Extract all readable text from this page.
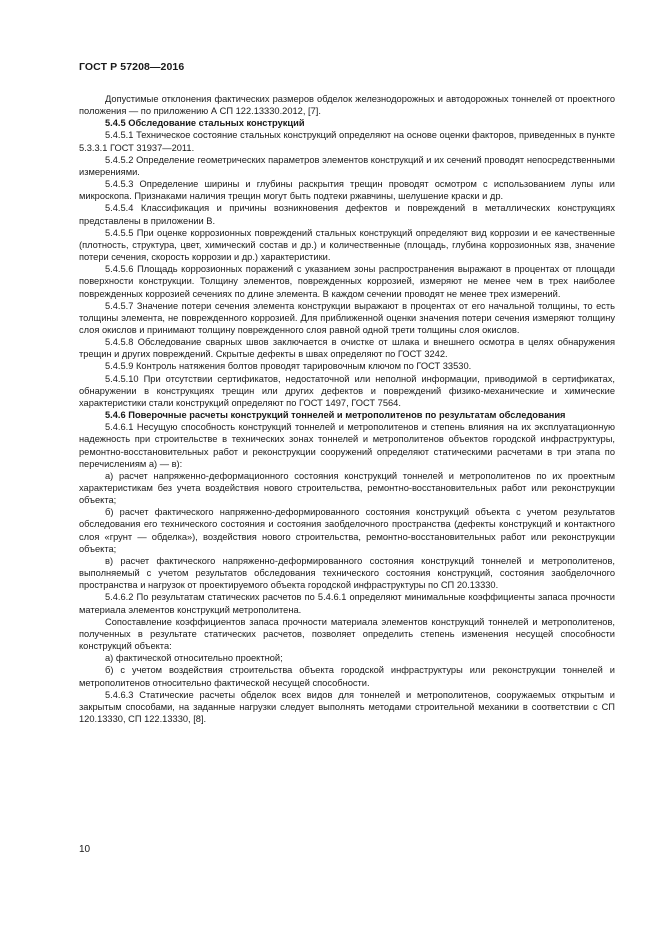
ГОСТ Р 57208—2016

Допустимые отклонения фактических размеров обделок железнодорожных и автодорожных тоннелей от проектного положения — по приложению А СП 122.13330.2012, [7].

5.4.5 Обследование стальных конструкций

5.4.5.1 Техническое состояние стальных конструкций определяют на основе оценки факторов, приведенных в пункте 5.3.3.1 ГОСТ 31937—2011.

5.4.5.2 Определение геометрических параметров элементов конструкций и их сечений проводят непосредственными измерениями.

5.4.5.3 Определение ширины и глубины раскрытия трещин проводят осмотром с использованием лупы или микроскопа. Признаками наличия трещин могут быть подтеки ржавчины, шелушение краски и др.

5.4.5.4 Классификация и причины возникновения дефектов и повреждений в металлических конструкциях представлены в приложении В.

5.4.5.5 При оценке коррозионных повреждений стальных конструкций определяют вид коррозии и ее качественные (плотность, структура, цвет, химический состав и др.) и количественные (площадь, глубина коррозионных язв, значение потери сечения, скорость коррозии и др.) характеристики.

5.4.5.6 Площадь коррозионных поражений с указанием зоны распространения выражают в процентах от площади поверхности конструкции. Толщину элементов, поврежденных коррозией, измеряют не менее чем в трех наиболее поврежденных коррозией сечениях по длине элемента. В каждом сечении проводят не менее трех измерений.

5.4.5.7 Значение потери сечения элемента конструкции выражают в процентах от его начальной толщины, то есть толщины элемента, не поврежденного коррозией. Для приближенной оценки значения потери сечения измеряют толщину слоя окислов и принимают толщину поврежденного слоя равной одной трети толщины слоя окислов.

5.4.5.8 Обследование сварных швов заключается в очистке от шлака и внешнего осмотра в целях обнаружения трещин и других повреждений. Скрытые дефекты в швах определяют по ГОСТ 3242.

5.4.5.9 Контроль натяжения болтов проводят тарировочным ключом по ГОСТ 33530.

5.4.5.10 При отсутствии сертификатов, недостаточной или неполной информации, приводимой в сертификатах, обнаружении в конструкциях трещин или других дефектов и повреждений физико-механические и химические характеристики стали конструкций определяют по ГОСТ 1497, ГОСТ 7564.

5.4.6 Поверочные расчеты конструкций тоннелей и метрополитенов по результатам обследования

5.4.6.1 Несущую способность конструкций тоннелей и метрополитенов и степень влияния на их эксплуатационную надежность при строительстве в технических зонах тоннелей и метрополитенов объектов городской инфраструктуры, ремонтно-восстановительных работ и реконструкции сооружений определяют статическими расчетами в три этапа по перечислениям а) — в):

а) расчет напряженно-деформационного состояния конструкций тоннелей и метрополитенов по их проектным характеристикам без учета воздействия нового строительства, ремонтно-восстановительных работ или реконструкции объекта;

б) расчет фактического напряженно-деформированного состояния конструкций объекта с учетом результатов обследования его технического состояния и состояния заобделочного пространства (дефекты конструкций и контактного слоя «грунт — обделка»), воздействия нового строительства, ремонтно-восстановительных работ или реконструкции объекта;

в) расчет фактического напряженно-деформированного состояния конструкций тоннелей и метрополитенов, выполняемый с учетом результатов обследования технического состояния конструкций, состояния заобделочного пространства и нагрузок от проектируемого объекта городской инфраструктуры по СП 20.13330.

5.4.6.2 По результатам статических расчетов по 5.4.6.1 определяют минимальные коэффициенты запаса прочности материала элементов конструкций метрополитена.

Сопоставление коэффициентов запаса прочности материала элементов конструкций тоннелей и метрополитенов, полученных в результате статических расчетов, позволяет определить степень изменения несущей способности конструкций объекта:

а) фактической относительно проектной;

б) с учетом воздействия строительства объекта городской инфраструктуры или реконструкции тоннелей и метрополитенов относительно фактической несущей способности.

5.4.6.3 Статические расчеты обделок всех видов для тоннелей и метрополитенов, сооружаемых открытым и закрытым способами, на заданные нагрузки следует выполнять методами строительной механики в соответствии с СП 120.13330, СП 122.13330, [8].

10
